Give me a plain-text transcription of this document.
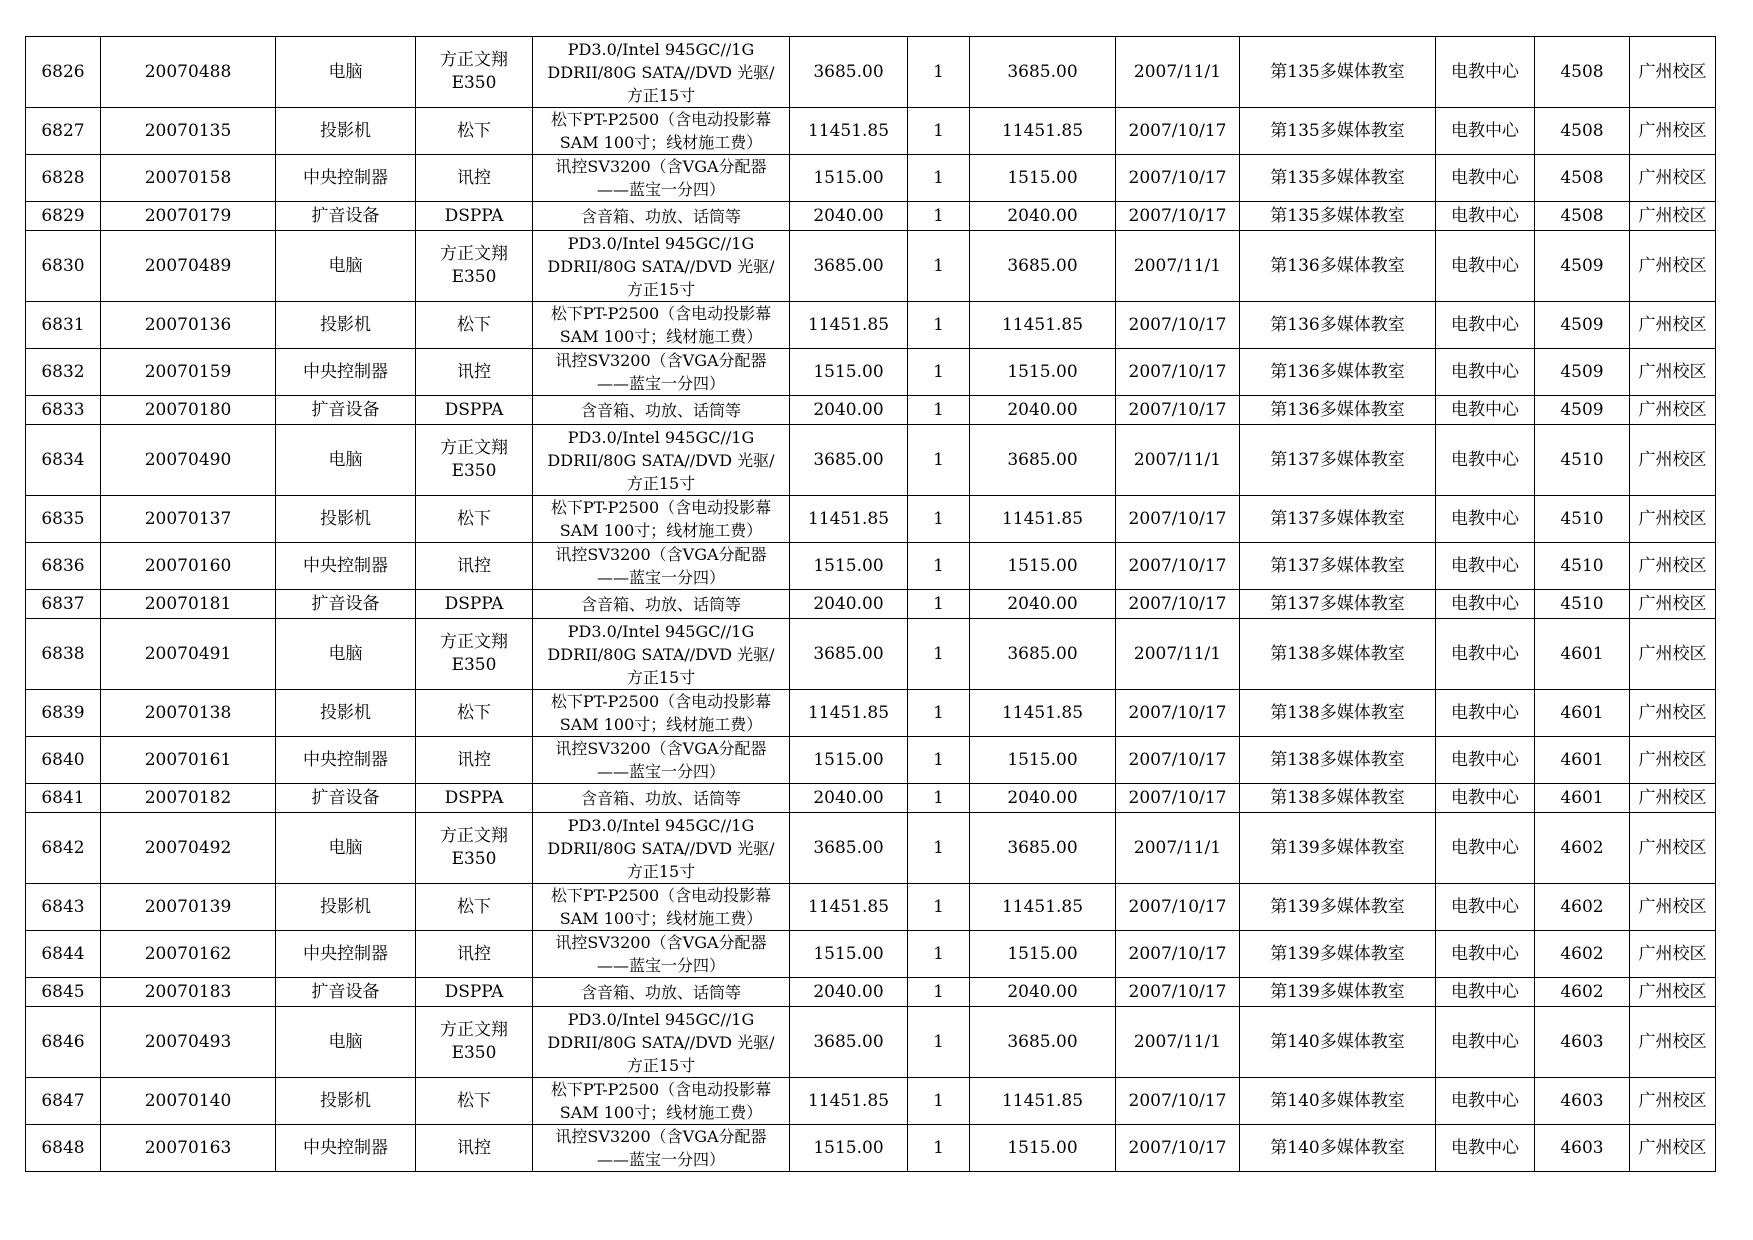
6826	20070488	电脑	方正文翔
E350	PD3.0/Intel 945GC//1G
DDRII/80G SATA//DVD 光驱/
方正15寸	3685.00	1	3685.00	2007/11/1	第135多媒体教室	电教中心	4508	广州校区
6827	20070135	投影机	松下	松下PT-P2500（含电动投影幕
SAM 100寸；线材施工费）	11451.85	1	11451.85	2007/10/17	第135多媒体教室	电教中心	4508	广州校区
6828	20070158	中央控制器	讯控	讯控SV3200（含VGA分配器
——蓝宝一分四）	1515.00	1	1515.00	2007/10/17	第135多媒体教室	电教中心	4508	广州校区
6829	20070179	扩音设备	DSPPA	含音箱、功放、话筒等	2040.00	1	2040.00	2007/10/17	第135多媒体教室	电教中心	4508	广州校区
6830	20070489	电脑	方正文翔
E350	PD3.0/Intel 945GC//1G
DDRII/80G SATA//DVD 光驱/
方正15寸	3685.00	1	3685.00	2007/11/1	第136多媒体教室	电教中心	4509	广州校区
6831	20070136	投影机	松下	松下PT-P2500（含电动投影幕
SAM 100寸；线材施工费）	11451.85	1	11451.85	2007/10/17	第136多媒体教室	电教中心	4509	广州校区
6832	20070159	中央控制器	讯控	讯控SV3200（含VGA分配器
——蓝宝一分四）	1515.00	1	1515.00	2007/10/17	第136多媒体教室	电教中心	4509	广州校区
6833	20070180	扩音设备	DSPPA	含音箱、功放、话筒等	2040.00	1	2040.00	2007/10/17	第136多媒体教室	电教中心	4509	广州校区
6834	20070490	电脑	方正文翔
E350	PD3.0/Intel 945GC//1G
DDRII/80G SATA//DVD 光驱/
方正15寸	3685.00	1	3685.00	2007/11/1	第137多媒体教室	电教中心	4510	广州校区
6835	20070137	投影机	松下	松下PT-P2500（含电动投影幕
SAM 100寸；线材施工费）	11451.85	1	11451.85	2007/10/17	第137多媒体教室	电教中心	4510	广州校区
6836	20070160	中央控制器	讯控	讯控SV3200（含VGA分配器
——蓝宝一分四）	1515.00	1	1515.00	2007/10/17	第137多媒体教室	电教中心	4510	广州校区
6837	20070181	扩音设备	DSPPA	含音箱、功放、话筒等	2040.00	1	2040.00	2007/10/17	第137多媒体教室	电教中心	4510	广州校区
6838	20070491	电脑	方正文翔
E350	PD3.0/Intel 945GC//1G
DDRII/80G SATA//DVD 光驱/
方正15寸	3685.00	1	3685.00	2007/11/1	第138多媒体教室	电教中心	4601	广州校区
6839	20070138	投影机	松下	松下PT-P2500（含电动投影幕
SAM 100寸；线材施工费）	11451.85	1	11451.85	2007/10/17	第138多媒体教室	电教中心	4601	广州校区
6840	20070161	中央控制器	讯控	讯控SV3200（含VGA分配器
——蓝宝一分四）	1515.00	1	1515.00	2007/10/17	第138多媒体教室	电教中心	4601	广州校区
6841	20070182	扩音设备	DSPPA	含音箱、功放、话筒等	2040.00	1	2040.00	2007/10/17	第138多媒体教室	电教中心	4601	广州校区
6842	20070492	电脑	方正文翔
E350	PD3.0/Intel 945GC//1G
DDRII/80G SATA//DVD 光驱/
方正15寸	3685.00	1	3685.00	2007/11/1	第139多媒体教室	电教中心	4602	广州校区
6843	20070139	投影机	松下	松下PT-P2500（含电动投影幕
SAM 100寸；线材施工费）	11451.85	1	11451.85	2007/10/17	第139多媒体教室	电教中心	4602	广州校区
6844	20070162	中央控制器	讯控	讯控SV3200（含VGA分配器
——蓝宝一分四）	1515.00	1	1515.00	2007/10/17	第139多媒体教室	电教中心	4602	广州校区
6845	20070183	扩音设备	DSPPA	含音箱、功放、话筒等	2040.00	1	2040.00	2007/10/17	第139多媒体教室	电教中心	4602	广州校区
6846	20070493	电脑	方正文翔
E350	PD3.0/Intel 945GC//1G
DDRII/80G SATA//DVD 光驱/
方正15寸	3685.00	1	3685.00	2007/11/1	第140多媒体教室	电教中心	4603	广州校区
6847	20070140	投影机	松下	松下PT-P2500（含电动投影幕
SAM 100寸；线材施工费）	11451.85	1	11451.85	2007/10/17	第140多媒体教室	电教中心	4603	广州校区
6848	20070163	中央控制器	讯控	讯控SV3200（含VGA分配器
——蓝宝一分四）	1515.00	1	1515.00	2007/10/17	第140多媒体教室	电教中心	4603	广州校区
